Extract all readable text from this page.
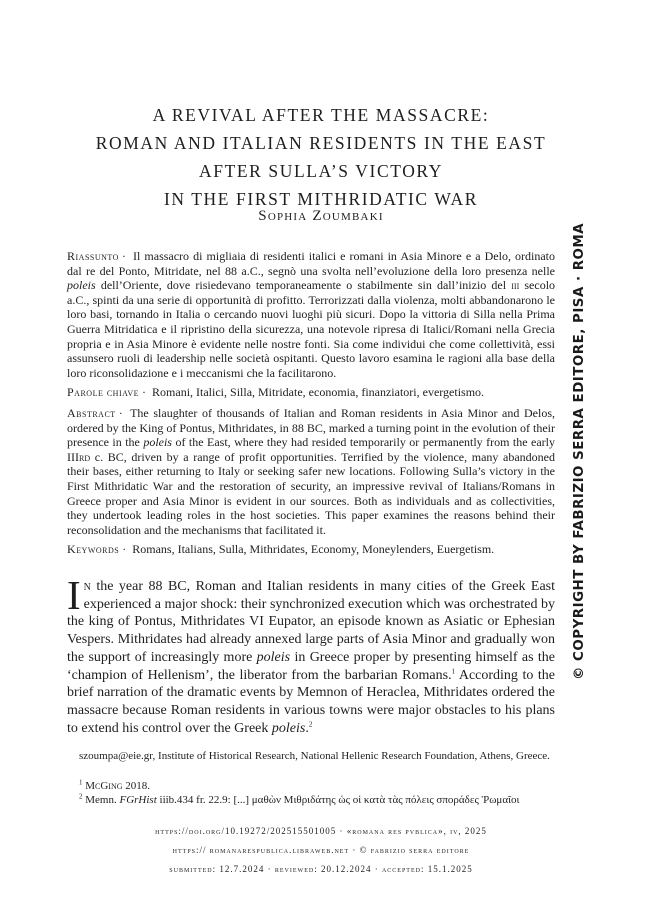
A REVIVAL AFTER THE MASSACRE:
ROMAN AND ITALIAN RESIDENTS IN THE EAST
AFTER SULLA’S VICTORY
IN THE FIRST MITHRIDATIC WAR
Sophia Zoumbaki
Riassunto · Il massacro di migliaia di residenti italici e romani in Asia Minore e a Delo, ordinato dal re del Ponto, Mitridate, nel 88 a.C., segnò una svolta nell’evoluzione della loro presenza nelle poleis dell’Oriente, dove risiedevano temporaneamente o stabilmente sin dall’inizio del iii secolo a.C., spinti da una serie di opportunità di profitto. Terrorizzati dalla violenza, molti abbandonarono le loro basi, tornando in Italia o cercando nuovi luoghi più sicuri. Dopo la vittoria di Silla nella Prima Guerra Mitridatica e il ripristino della sicurezza, una notevole ripresa di Italici/Romani nella Grecia propria e in Asia Minore è evidente nelle nostre fonti. Sia come individui che come collettività, essi assunsero ruoli di leadership nelle società ospitanti. Questo lavoro esamina le ragioni alla base della loro riconsolidazione e i meccanismi che la facilitarono.
Parole chiave · Romani, Italici, Silla, Mitridate, economia, finanziatori, evergetismo.
Abstract · The slaughter of thousands of Italian and Roman residents in Asia Minor and Delos, ordered by the King of Pontus, Mithridates, in 88 BC, marked a turning point in the evolution of their presence in the poleis of the East, where they had resided temporarily or permanently from the early IIIrd c. BC, driven by a range of profit opportunities. Terrified by the violence, many abandoned their bases, either returning to Italy or seeking safer new locations. Following Sulla’s victory in the First Mithridatic War and the restoration of security, an impressive revival of Italians/Romans in Greece proper and Asia Minor is evident in our sources. Both as individuals and as collectivities, they undertook leading roles in the host societies. This paper examines the reasons behind their reconsolidation and the mechanisms that facilitated it.
Keywords · Romans, Italians, Sulla, Mithridates, Economy, Moneylenders, Euergetism.
In the year 88 BC, Roman and Italian residents in many cities of the Greek East experienced a major shock: their synchronized execution which was orchestrated by the king of Pontus, Mithridates VI Eupator, an episode known as Asiatic or Ephesian Vespers. Mithridates had already annexed large parts of Asia Minor and gradually won the support of increasingly more poleis in Greece proper by presenting himself as the ‘champion of Hellenism’, the liberator from the barbarian Romans.$^1$ According to the brief narration of the dramatic events by Memnon of Heraclea, Mithridates ordered the massacre because Roman residents in various towns were major obstacles to his plans to extend his control over the Greek poleis.$^2$
szoumpa@eie.gr, Institute of Historical Research, National Hellenic Research Foundation, Athens, Greece.
$^1$ McGing 2018.
$^2$ Memn. FGrHist iiib.434 fr. 22.9: [...] μαθὼν Μιθριδάτης ὡς οἱ κατὰ τὰς πόλεις σποράδες Ῥωμαῖοι
https://doi.org/10.19272/202515501005 · «romana res pvblica», iv, 2025
https:// romanarespublica.libraweb.net · © fabrizio serra editore
submitted: 12.7.2024 · reviewed: 20.12.2024 · accepted: 15.1.2025
© COPYRIGHT BY FABRIZIO SERRA EDITORE, PISA · ROMA
